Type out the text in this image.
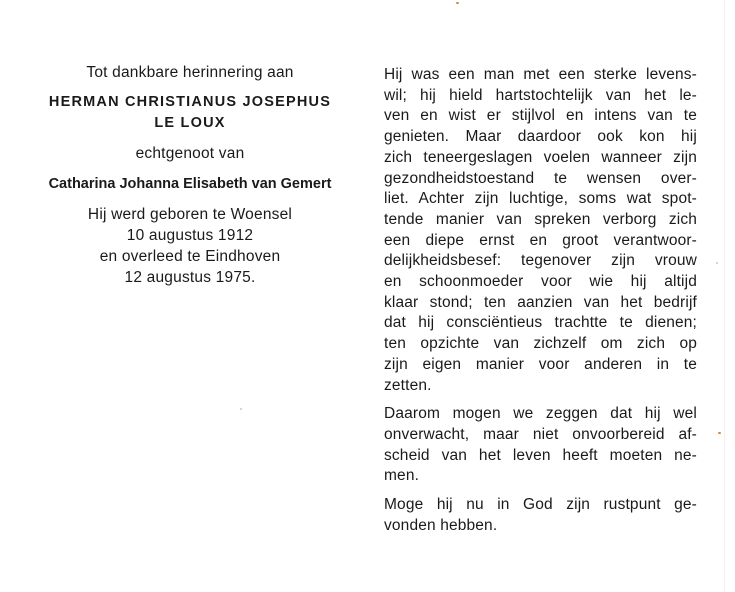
Tot dankbare herinnering aan
HERMAN CHRISTIANUS JOSEPHUS
LE LOUX
echtgenoot van
Catharina Johanna Elisabeth van Gemert
Hij werd geboren te Woensel
10 augustus 1912
en overleed te Eindhoven
12 augustus 1975.
Hij was een man met een sterke levens-
wil; hij hield hartstochtelijk van het le-
ven en wist er stijlvol en intens van te
genieten. Maar daardoor ook kon hij
zich teneergeslagen voelen wanneer zijn
gezondheidstoestand te wensen over-
liet. Achter zijn luchtige, soms wat spot-
tende manier van spreken verborg zich
een diepe ernst en groot verantwoor-
delijkheidsbesef: tegenover zijn vrouw
en schoonmoeder voor wie hij altijd
klaar stond; ten aanzien van het bedrijf
dat hij consciëntieus trachtte te dienen;
ten opzichte van zichzelf om zich op
zijn eigen manier voor anderen in te
zetten.
Daarom mogen we zeggen dat hij wel
onverwacht, maar niet onvoorbereid af-
scheid van het leven heeft moeten ne-
men.
Moge hij nu in God zijn rustpunt ge-
vonden hebben.
